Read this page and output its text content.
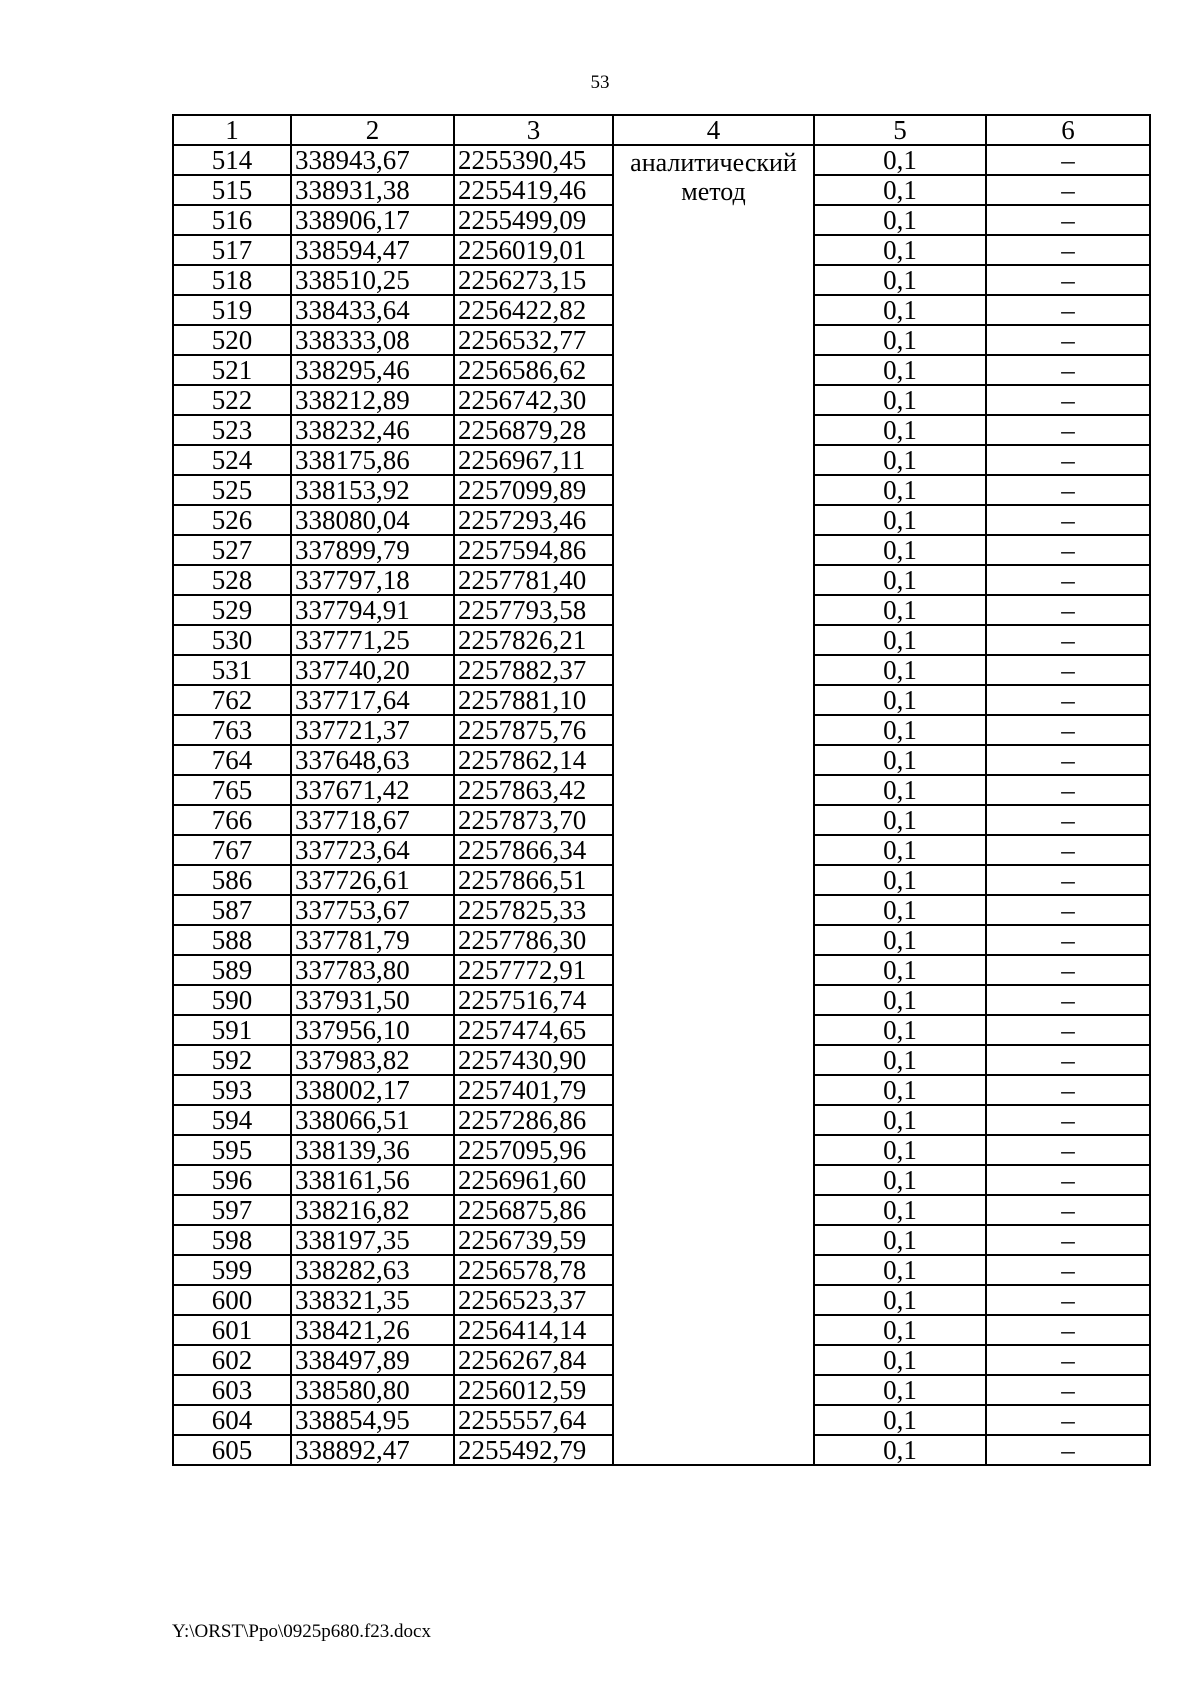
53
1	2	3	4	5	6
514	338943,67	2255390,45	аналитический метод	0,1	–
515	338931,38	2255419,46		0,1	–
516	338906,17	2255499,09		0,1	–
517	338594,47	2256019,01		0,1	–
518	338510,25	2256273,15		0,1	–
519	338433,64	2256422,82		0,1	–
520	338333,08	2256532,77		0,1	–
521	338295,46	2256586,62		0,1	–
522	338212,89	2256742,30		0,1	–
523	338232,46	2256879,28		0,1	–
524	338175,86	2256967,11		0,1	–
525	338153,92	2257099,89		0,1	–
526	338080,04	2257293,46		0,1	–
527	337899,79	2257594,86		0,1	–
528	337797,18	2257781,40		0,1	–
529	337794,91	2257793,58		0,1	–
530	337771,25	2257826,21		0,1	–
531	337740,20	2257882,37		0,1	–
762	337717,64	2257881,10		0,1	–
763	337721,37	2257875,76		0,1	–
764	337648,63	2257862,14		0,1	–
765	337671,42	2257863,42		0,1	–
766	337718,67	2257873,70		0,1	–
767	337723,64	2257866,34		0,1	–
586	337726,61	2257866,51		0,1	–
587	337753,67	2257825,33		0,1	–
588	337781,79	2257786,30		0,1	–
589	337783,80	2257772,91		0,1	–
590	337931,50	2257516,74		0,1	–
591	337956,10	2257474,65		0,1	–
592	337983,82	2257430,90		0,1	–
593	338002,17	2257401,79		0,1	–
594	338066,51	2257286,86		0,1	–
595	338139,36	2257095,96		0,1	–
596	338161,56	2256961,60		0,1	–
597	338216,82	2256875,86		0,1	–
598	338197,35	2256739,59		0,1	–
599	338282,63	2256578,78		0,1	–
600	338321,35	2256523,37		0,1	–
601	338421,26	2256414,14		0,1	–
602	338497,89	2256267,84		0,1	–
603	338580,80	2256012,59		0,1	–
604	338854,95	2255557,64		0,1	–
605	338892,47	2255492,79		0,1	–
Y:\ORST\Ppo\0925p680.f23.docx
